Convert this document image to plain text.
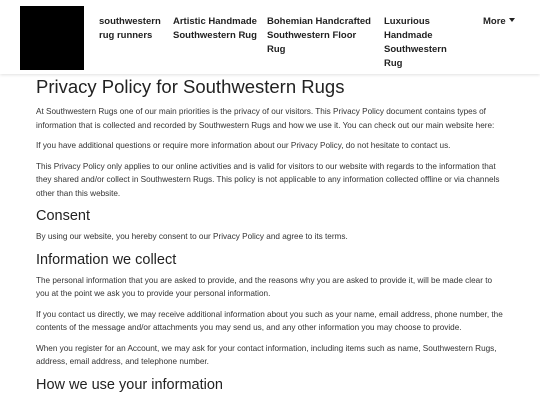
southwestern rug runners
Artistic Handmade Southwestern Rug
Bohemian Handcrafted Southwestern Floor Rug
Luxurious Handmade Southwestern Rug
More
Privacy Policy for Southwestern Rugs

At Southwestern Rugs one of our main priorities is the privacy of our visitors. This Privacy Policy document contains types of information that is collected and recorded by Southwestern Rugs and how we use it. You can check out our main website here:

If you have additional questions or require more information about our Privacy Policy, do not hesitate to contact us.

This Privacy Policy only applies to our online activities and is valid for visitors to our website with regards to the information that they shared and/or collect in Southwestern Rugs. This policy is not applicable to any information collected offline or via channels other than this website.

Consent

By using our website, you hereby consent to our Privacy Policy and agree to its terms.

Information we collect

The personal information that you are asked to provide, and the reasons why you are asked to provide it, will be made clear to you at the point we ask you to provide your personal information.

If you contact us directly, we may receive additional information about you such as your name, email address, phone number, the contents of the message and/or attachments you may send us, and any other information you may choose to provide.

When you register for an Account, we may ask for your contact information, including items such as name, Southwestern Rugs, address, email address, and telephone number.

How we use your information
